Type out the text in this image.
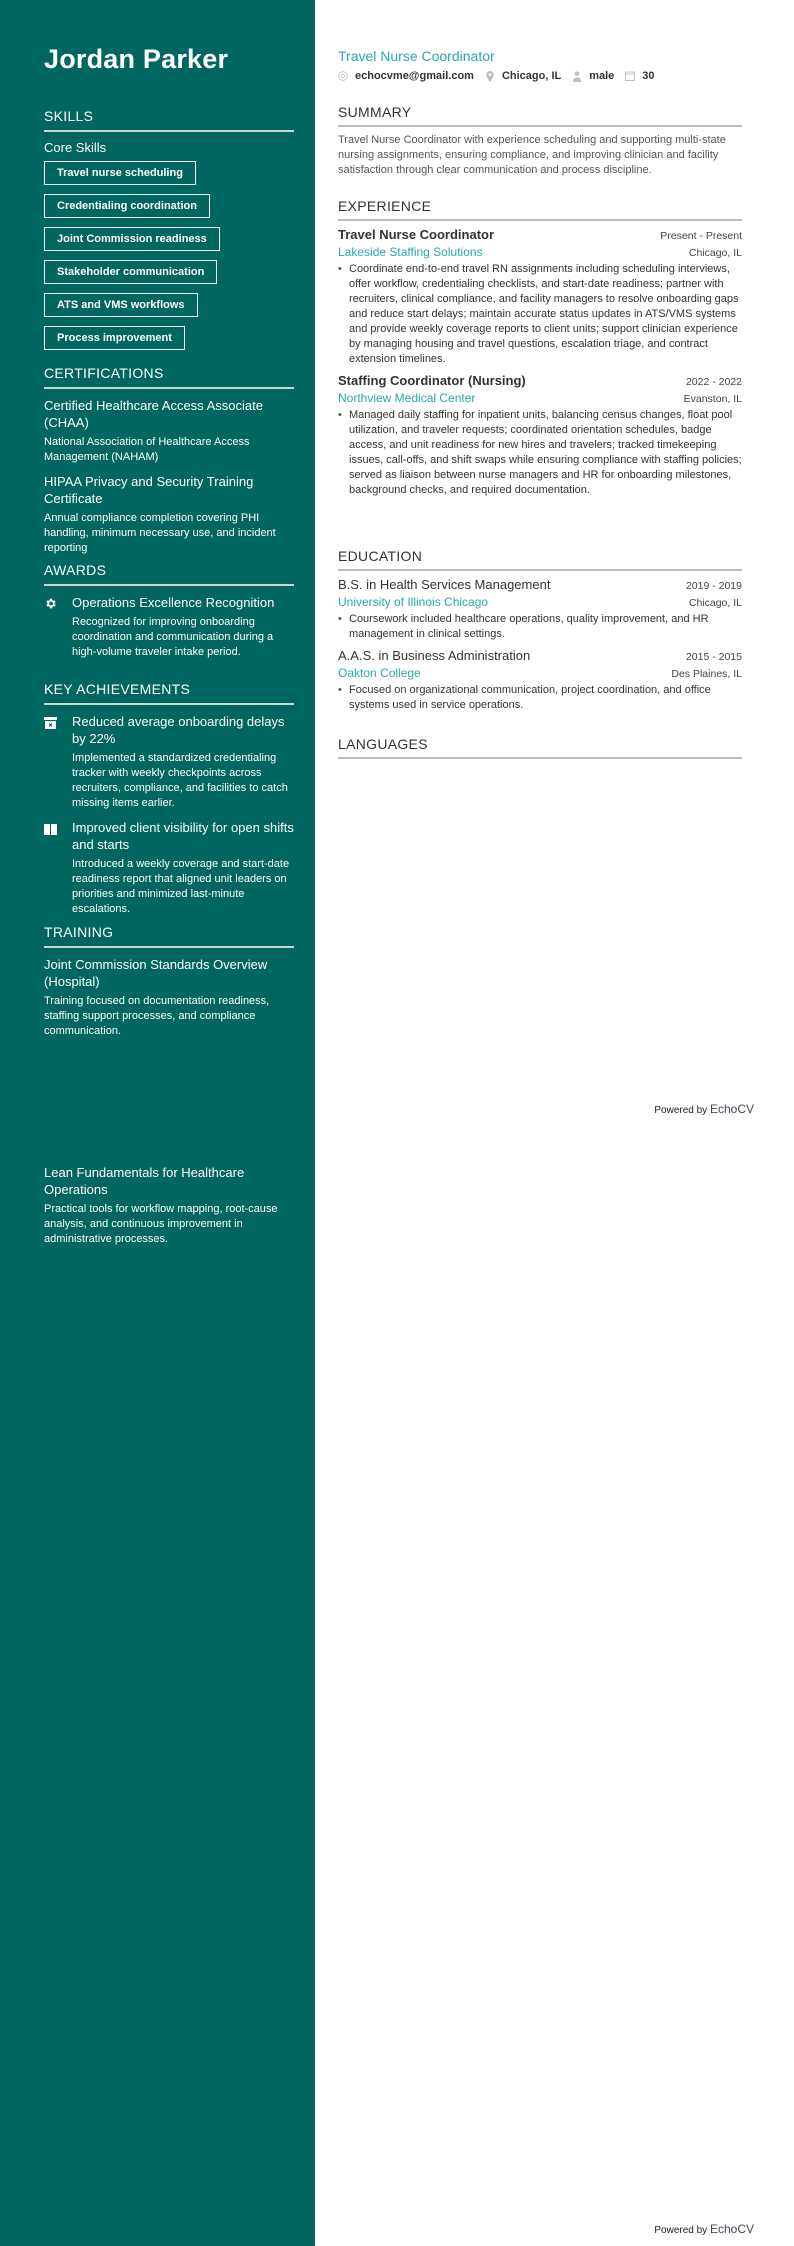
Jordan Parker
SKILLS
Core Skills
Travel nurse scheduling
Credentialing coordination
Joint Commission readiness
Stakeholder communication
ATS and VMS workflows
Process improvement
CERTIFICATIONS
Certified Healthcare Access Associate (CHAA)
National Association of Healthcare Access Management (NAHAM)
HIPAA Privacy and Security Training Certificate
Annual compliance completion covering PHI handling, minimum necessary use, and incident reporting
AWARDS
Operations Excellence Recognition
Recognized for improving onboarding coordination and communication during a high-volume traveler intake period.
KEY ACHIEVEMENTS
Reduced average onboarding delays by 22%
Implemented a standardized credentialing tracker with weekly checkpoints across recruiters, compliance, and facilities to catch missing items earlier.
Improved client visibility for open shifts and starts
Introduced a weekly coverage and start-date readiness report that aligned unit leaders on priorities and minimized last-minute escalations.
TRAINING
Joint Commission Standards Overview (Hospital)
Training focused on documentation readiness, staffing support processes, and compliance communication.
Lean Fundamentals for Healthcare Operations
Practical tools for workflow mapping, root-cause analysis, and continuous improvement in administrative processes.
Travel Nurse Coordinator
echocvme@gmail.com	Chicago, IL	male	30
SUMMARY
Travel Nurse Coordinator with experience scheduling and supporting multi-state nursing assignments, ensuring compliance, and improving clinician and facility satisfaction through clear communication and process discipline.
EXPERIENCE
Travel Nurse Coordinator	Present - Present
Lakeside Staffing Solutions	Chicago, IL
• Coordinate end-to-end travel RN assignments including scheduling interviews, offer workflow, credentialing checklists, and start-date readiness; partner with recruiters, clinical compliance, and facility managers to resolve onboarding gaps and reduce start delays; maintain accurate status updates in ATS/VMS systems and provide weekly coverage reports to client units; support clinician experience by managing housing and travel questions, escalation triage, and contract extension timelines.
Staffing Coordinator (Nursing)	2022 - 2022
Northview Medical Center	Evanston, IL
• Managed daily staffing for inpatient units, balancing census changes, float pool utilization, and traveler requests; coordinated orientation schedules, badge access, and unit readiness for new hires and travelers; tracked timekeeping issues, call-offs, and shift swaps while ensuring compliance with staffing policies; served as liaison between nurse managers and HR for onboarding milestones, background checks, and required documentation.
EDUCATION
B.S. in Health Services Management	2019 - 2019
University of Illinois Chicago	Chicago, IL
• Coursework included healthcare operations, quality improvement, and HR management in clinical settings.
A.A.S. in Business Administration	2015 - 2015
Oakton College	Des Plaines, IL
• Focused on organizational communication, project coordination, and office systems used in service operations.
LANGUAGES
Powered by EchoCV
Powered by EchoCV
